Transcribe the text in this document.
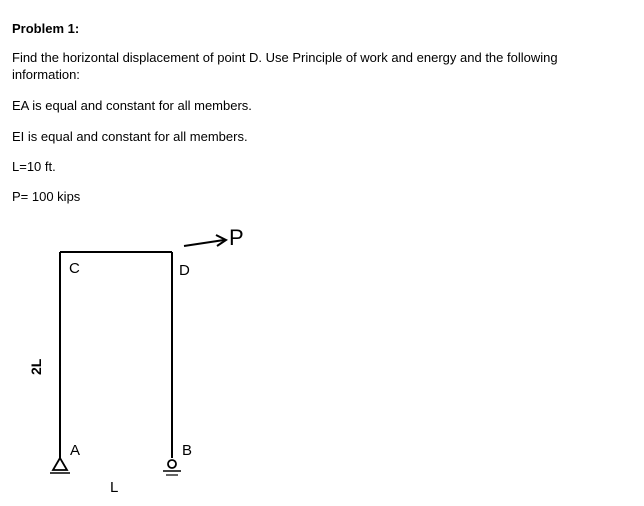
Problem 1:
Find the horizontal displacement of point D. Use Principle of work and energy and the following information:
EA is equal and constant for all members.
EI is equal and constant for all members.
L=10 ft.
P= 100 kips
P
C	D
2L
A	B
L
